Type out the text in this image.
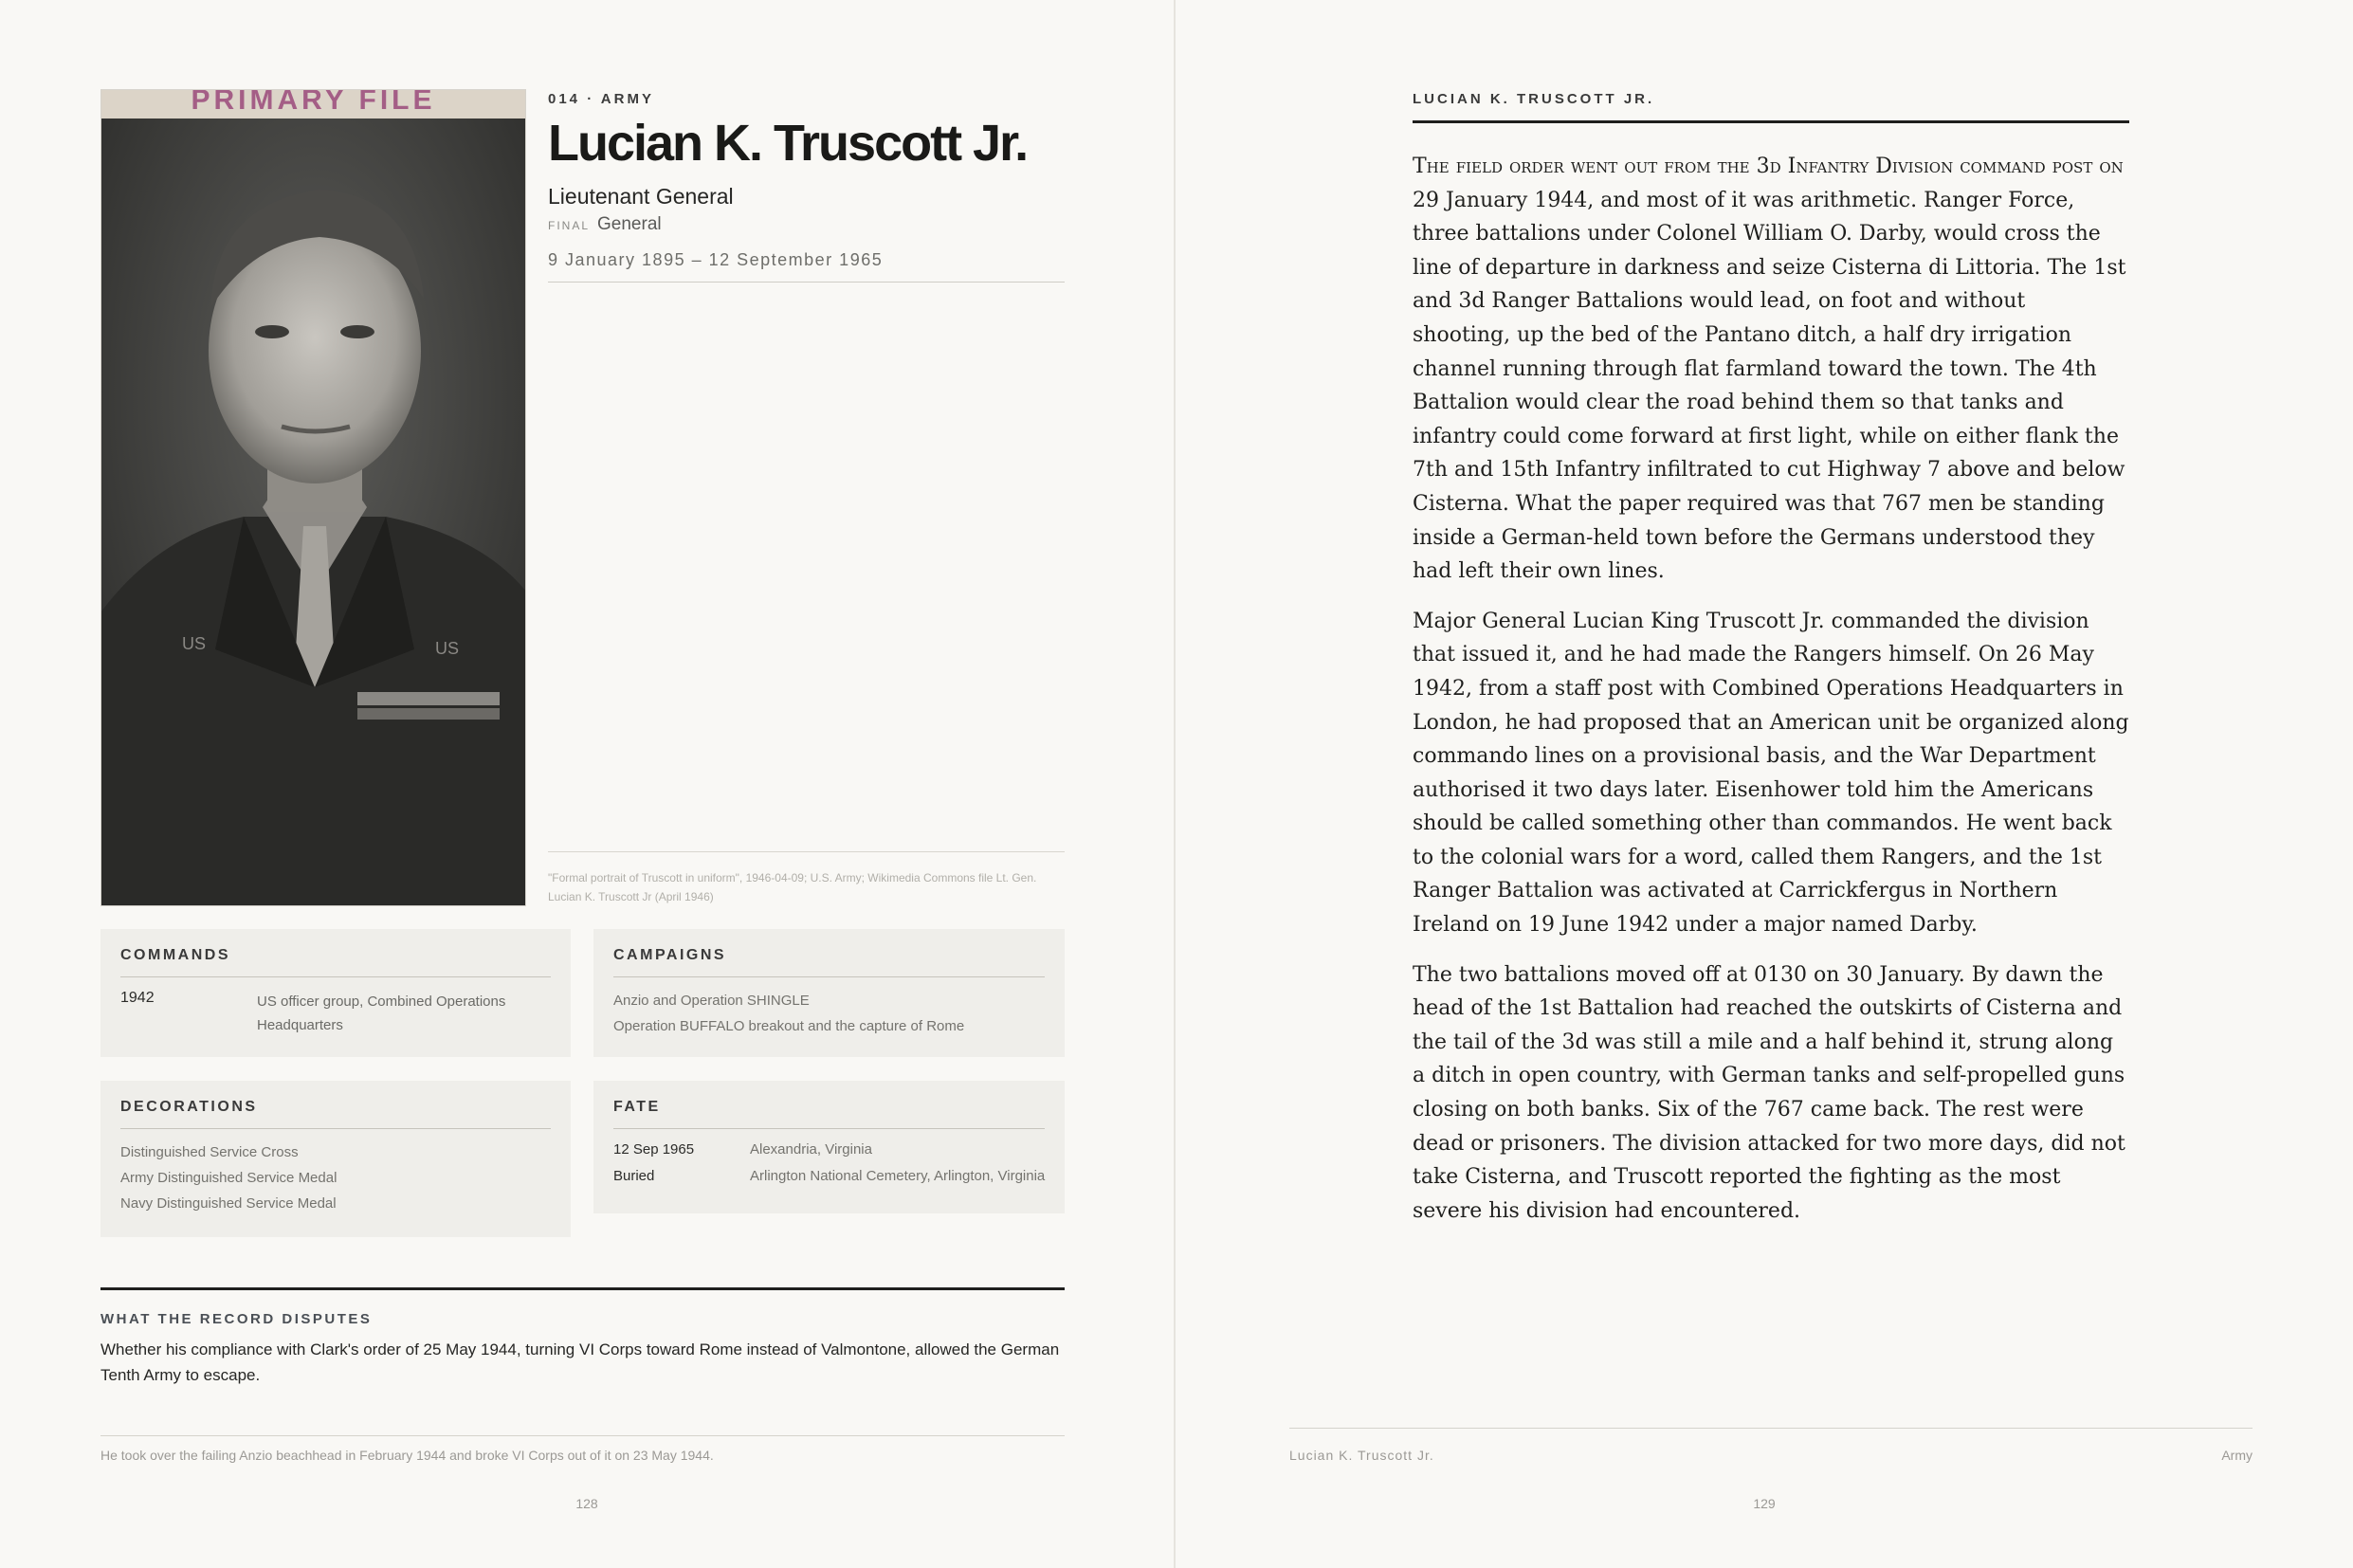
PRIMARY FILE
US	US
014 · ARMY
Lucian K. Truscott Jr.
Lieutenant General
FINAL General
9 January 1895 – 12 September 1965
"Formal portrait of Truscott in uniform", 1946-04-09; U.S. Army; Wikimedia Commons file Lt. Gen. Lucian K. Truscott Jr (April 1946)
COMMANDS
1942	US officer group, Combined Operations Headquarters
CAMPAIGNS
Anzio and Operation SHINGLE
Operation BUFFALO breakout and the capture of Rome
DECORATIONS
Distinguished Service Cross
Army Distinguished Service Medal
Navy Distinguished Service Medal
FATE
12 Sep 1965	Alexandria, Virginia
Buried	Arlington National Cemetery, Arlington, Virginia
WHAT THE RECORD DISPUTES
Whether his compliance with Clark's order of 25 May 1944, turning VI Corps toward Rome instead of Valmontone, allowed the German Tenth Army to escape.
He took over the failing Anzio beachhead in February 1944 and broke VI Corps out of it on 23 May 1944.
128
LUCIAN K. TRUSCOTT JR.

The field order went out from the 3d Infantry Division command post on 29 January 1944, and most of it was arithmetic. Ranger Force, three battalions under Colonel William O. Darby, would cross the line of departure in darkness and seize Cisterna di Littoria. The 1st and 3d Ranger Battalions would lead, on foot and without shooting, up the bed of the Pantano ditch, a half dry irrigation channel running through flat farmland toward the town. The 4th Battalion would clear the road behind them so that tanks and infantry could come forward at first light, while on either flank the 7th and 15th Infantry infiltrated to cut Highway 7 above and below Cisterna. What the paper required was that 767 men be standing inside a German-held town before the Germans understood they had left their own lines.

Major General Lucian King Truscott Jr. commanded the division that issued it, and he had made the Rangers himself. On 26 May 1942, from a staff post with Combined Operations Headquarters in London, he had proposed that an American unit be organized along commando lines on a provisional basis, and the War Department authorised it two days later. Eisenhower told him the Americans should be called something other than commandos. He went back to the colonial wars for a word, called them Rangers, and the 1st Ranger Battalion was activated at Carrickfergus in Northern Ireland on 19 June 1942 under a major named Darby.

The two battalions moved off at 0130 on 30 January. By dawn the head of the 1st Battalion had reached the outskirts of Cisterna and the tail of the 3d was still a mile and a half behind it, strung along a ditch in open country, with German tanks and self-propelled guns closing on both banks. Six of the 767 came back. The rest were dead or prisoners. The division attacked for two more days, did not take Cisterna, and Truscott reported the fighting as the most severe his division had encountered.

Lucian K. Truscott Jr.	Army
129
